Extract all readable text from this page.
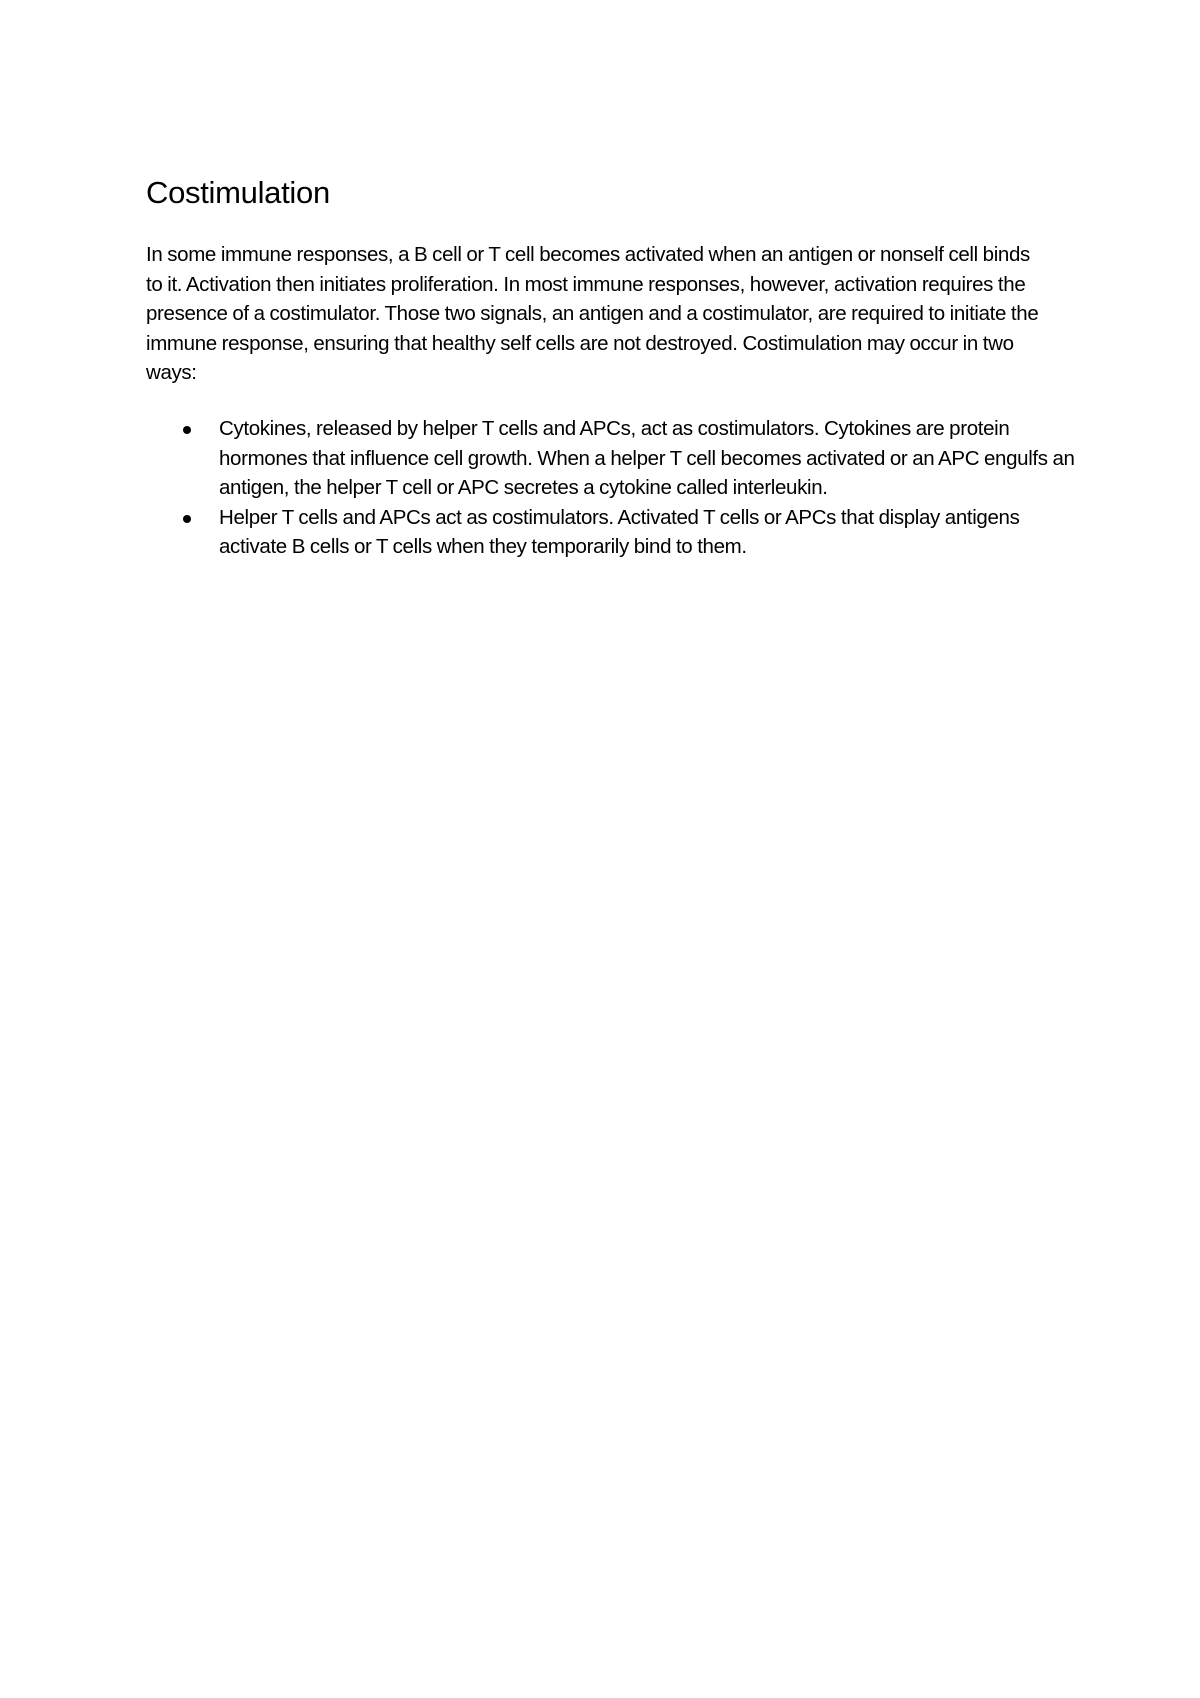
Costimulation

In some immune responses, a B cell or T cell becomes activated when an antigen or nonself cell binds to it. Activation then initiates proliferation. In most immune responses, however, activation requires the presence of a costimulator. Those two signals, an antigen and a costimulator, are required to initiate the immune response, ensuring that healthy self cells are not destroyed. Costimulation may occur in two ways:

Cytokines, released by helper T cells and APCs, act as costimulators. Cytokines are protein hormones that influence cell growth. When a helper T cell becomes activated or an APC engulfs an antigen, the helper T cell or APC secretes a cytokine called interleukin.
Helper T cells and APCs act as costimulators. Activated T cells or APCs that display antigens activate B cells or T cells when they temporarily bind to them.
